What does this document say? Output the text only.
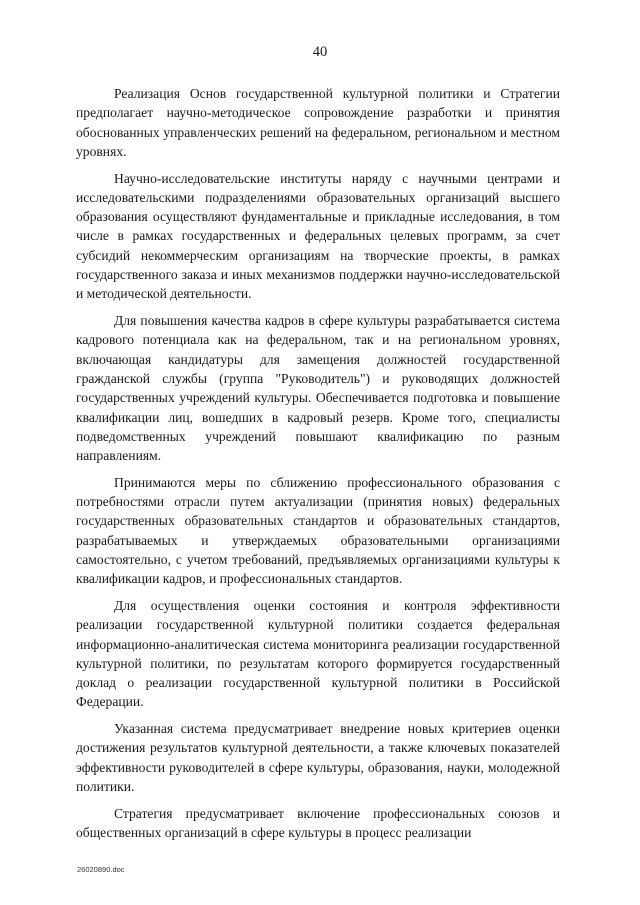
40

Реализация Основ государственной культурной политики и Стратегии предполагает научно-методическое сопровождение разработки и принятия обоснованных управленческих решений на федеральном, региональном и местном уровнях.

Научно-исследовательские институты наряду с научными центрами и исследовательскими подразделениями образовательных организаций высшего образования осуществляют фундаментальные и прикладные исследования, в том числе в рамках государственных и федеральных целевых программ, за счет субсидий некоммерческим организациям на творческие проекты, в рамках государственного заказа и иных механизмов поддержки научно-исследовательской и методической деятельности.

Для повышения качества кадров в сфере культуры разрабатывается система кадрового потенциала как на федеральном, так и на региональном уровнях, включающая кандидатуры для замещения должностей государственной гражданской службы (группа "Руководитель") и руководящих должностей государственных учреждений культуры. Обеспечивается подготовка и повышение квалификации лиц, вошедших в кадровый резерв. Кроме того, специалисты подведомственных учреждений повышают квалификацию по разным направлениям.

Принимаются меры по сближению профессионального образования с потребностями отрасли путем актуализации (принятия новых) федеральных государственных образовательных стандартов и образовательных стандартов, разрабатываемых и утверждаемых образовательными организациями самостоятельно, с учетом требований, предъявляемых организациями культуры к квалификации кадров, и профессиональных стандартов.

Для осуществления оценки состояния и контроля эффективности реализации государственной культурной политики создается федеральная информационно-аналитическая система мониторинга реализации государственной культурной политики, по результатам которого формируется государственный доклад о реализации государственной культурной политики в Российской Федерации.

Указанная система предусматривает внедрение новых критериев оценки достижения результатов культурной деятельности, а также ключевых показателей эффективности руководителей в сфере культуры, образования, науки, молодежной политики.

Стратегия предусматривает включение профессиональных союзов и общественных организаций в сфере культуры в процесс реализации

26020890.doc
